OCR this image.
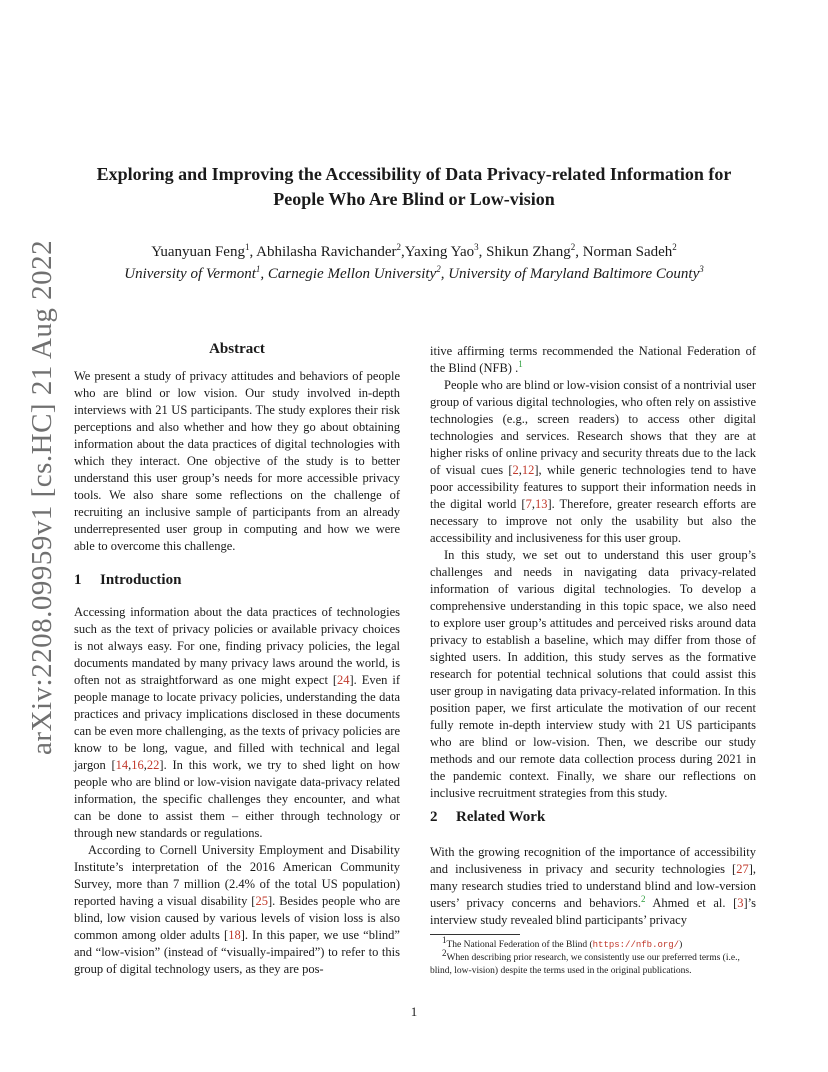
arXiv:2208.09959v1 [cs.HC] 21 Aug 2022
Exploring and Improving the Accessibility of Data Privacy-related Information for
People Who Are Blind or Low-vision
Yuanyuan Feng$^1$, Abhilasha Ravichander$^2$,Yaxing Yao$^3$, Shikun Zhang$^2$, Norman Sadeh$^2$
University of Vermont$^1$, Carnegie Mellon University$^2$, University of Maryland Baltimore County$^3$
Abstract

We present a study of privacy attitudes and behaviors of people who are blind or low vision. Our study involved in-depth interviews with 21 US participants. The study explores their risk perceptions and also whether and how they go about obtaining information about the data practices of digital technologies with which they interact. One objective of the study is to better understand this user group’s needs for more accessible privacy tools. We also share some reflections on the challenge of recruiting an inclusive sample of participants from an already underrepresented user group in computing and how we were able to overcome this challenge.

1 Introduction

Accessing information about the data practices of technologies such as the text of privacy policies or available privacy choices is not always easy. For one, finding privacy policies, the legal documents mandated by many privacy laws around the world, is often not as straightforward as one might expect [24]. Even if people manage to locate privacy policies, understanding the data practices and privacy implications disclosed in these documents can be even more challenging, as the texts of privacy policies are know to be long, vague, and filled with technical and legal jargon [14,16,22]. In this work, we try to shed light on how people who are blind or low-vision navigate data-privacy related information, the specific challenges they encounter, and what can be done to assist them – either through technology or through new standards or regulations.

According to Cornell University Employment and Disability Institute’s interpretation of the 2016 American Community Survey, more than 7 million (2.4% of the total US population) reported having a visual disability [25]. Besides people who are blind, low vision caused by various levels of vision loss is also common among older adults [18]. In this paper, we use “blind” and “low-vision” (instead of “visually-impaired”) to refer to this group of digital technology users, as they are pos-

itive affirming terms recommended the National Federation of the Blind (NFB) .$^1$

People who are blind or low-vision consist of a nontrivial user group of various digital technologies, who often rely on assistive technologies (e.g., screen readers) to access other digital technologies and services. Research shows that they are at higher risks of online privacy and security threats due to the lack of visual cues [2,12], while generic technologies tend to have poor accessibility features to support their information needs in the digital world [7,13]. Therefore, greater research efforts are necessary to improve not only the usability but also the accessibility and inclusiveness for this user group.

In this study, we set out to understand this user group’s challenges and needs in navigating data privacy-related information of various digital technologies. To develop a comprehensive understanding in this topic space, we also need to explore user group’s attitudes and perceived risks around data privacy to establish a baseline, which may differ from those of sighted users. In addition, this study serves as the formative research for potential technical solutions that could assist this user group in navigating data privacy-related information. In this position paper, we first articulate the motivation of our recent fully remote in-depth interview study with 21 US participants who are blind or low-vision. Then, we describe our study methods and our remote data collection process during 2021 in the pandemic context. Finally, we share our reflections on inclusive recruitment strategies from this study.

2 Related Work

With the growing recognition of the importance of accessibility and inclusiveness in privacy and security technologies [27], many research studies tried to understand blind and low-version users’ privacy concerns and behaviors.$^2$ Ahmed et al. [3]’s interview study revealed blind participants’ privacy

$^1$The National Federation of the Blind (https://nfb.org/)

$^2$When describing prior research, we consistently use our preferred terms (i.e., blind, low-vision) despite the terms used in the original publications.

1
